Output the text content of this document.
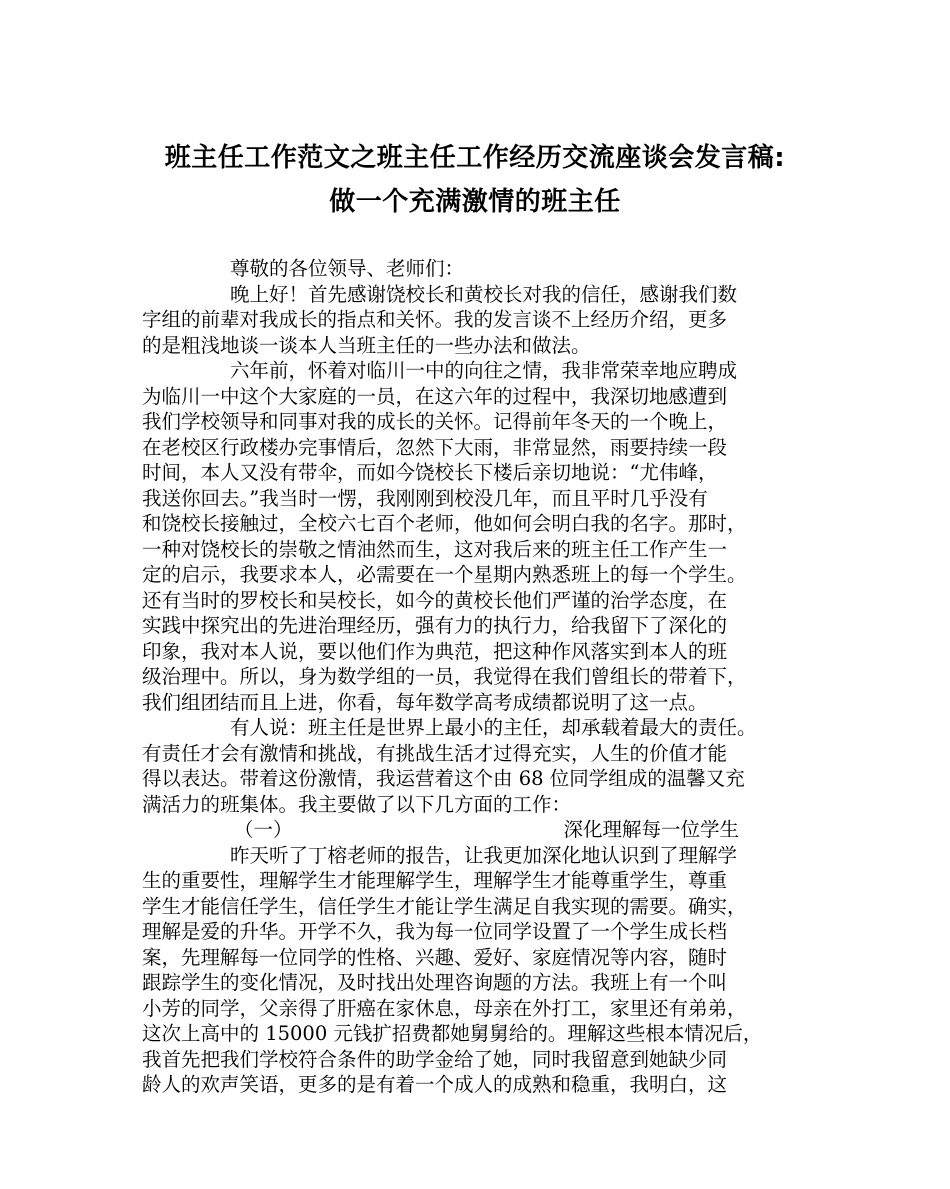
班主任工作范文之班主任工作经历交流座谈会发言稿:
做一个充满激情的班主任
尊敬的各位领导、老师们：
晚上好！首先感谢饶校长和黄校长对我的信任，感谢我们数
字组的前辈对我成长的指点和关怀。我的发言谈不上经历介绍，更多
的是粗浅地谈一谈本人当班主任的一些办法和做法。
六年前，怀着对临川一中的向往之情，我非常荣幸地应聘成
为临川一中这个大家庭的一员，在这六年的过程中，我深切地感遭到
我们学校领导和同事对我的成长的关怀。记得前年冬天的一个晚上，
在老校区行政楼办完事情后，忽然下大雨，非常显然，雨要持续一段
时间，本人又没有带伞，而如今饶校长下楼后亲切地说：“尤伟峰，
我送你回去。”我当时一愣，我刚刚到校没几年，而且平时几乎没有
和饶校长接触过，全校六七百个老师，他如何会明白我的名字。那时，
一种对饶校长的崇敬之情油然而生，这对我后来的班主任工作产生一
定的启示，我要求本人，必需要在一个星期内熟悉班上的每一个学生。
还有当时的罗校长和吴校长，如今的黄校长他们严谨的治学态度，在
实践中探究出的先进治理经历，强有力的执行力，给我留下了深化的
印象，我对本人说，要以他们作为典范，把这种作风落实到本人的班
级治理中。所以，身为数学组的一员，我觉得在我们曾组长的带着下，
我们组团结而且上进，你看，每年数学高考成绩都说明了这一点。
有人说：班主任是世界上最小的主任，却承载着最大的责任。
有责任才会有激情和挑战，有挑战生活才过得充实，人生的价值才能
得以表达。带着这份激情，我运营着这个由 68 位同学组成的温馨又充
满活力的班集体。我主要做了以下几方面的工作：
（一）	深化理解每一位学生
昨天听了丁榕老师的报告，让我更加深化地认识到了理解学
生的重要性，理解学生才能理解学生，理解学生才能尊重学生，尊重
学生才能信任学生，信任学生才能让学生满足自我实现的需要。确实，
理解是爱的升华。开学不久，我为每一位同学设置了一个学生成长档
案，先理解每一位同学的性格、兴趣、爱好、家庭情况等内容，随时
跟踪学生的变化情况，及时找出处理咨询题的方法。我班上有一个叫
小芳的同学，父亲得了肝癌在家休息，母亲在外打工，家里还有弟弟，
这次上高中的 15000 元钱扩招费都她舅舅给的。理解这些根本情况后，
我首先把我们学校符合条件的助学金给了她，同时我留意到她缺少同
龄人的欢声笑语，更多的是有着一个成人的成熟和稳重，我明白，这
